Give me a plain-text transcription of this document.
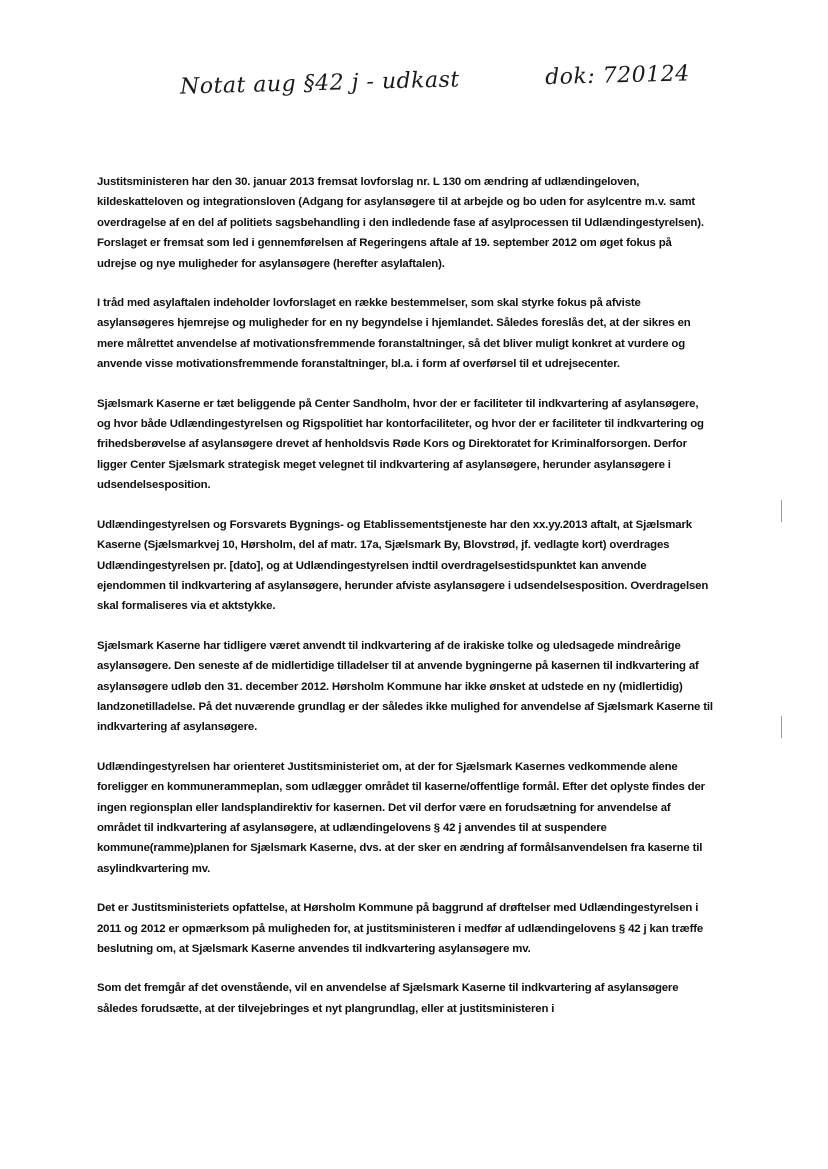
Notat aug §42 j - udkast	dok: 720124

Justitsministeren har den 30. januar 2013 fremsat lovforslag nr. L 130 om ændring af udlændingeloven, kildeskatteloven og integrationsloven (Adgang for asylansøgere til at arbejde og bo uden for asylcentre m.v. samt overdragelse af en del af politiets sagsbehandling i den indledende fase af asylprocessen til Udlændingestyrelsen). Forslaget er fremsat som led i gennemførelsen af Regeringens aftale af 19. september 2012 om øget fokus på udrejse og nye muligheder for asylansøgere (herefter asylaftalen).

I tråd med asylaftalen indeholder lovforslaget en række bestemmelser, som skal styrke fokus på afviste asylansøgeres hjemrejse og muligheder for en ny begyndelse i hjemlandet. Således foreslås det, at der sikres en mere målrettet anvendelse af motivationsfremmende foranstaltninger, så det bliver muligt konkret at vurdere og anvende visse motivationsfremmende foranstaltninger, bl.a. i form af overførsel til et udrejsecenter.

Sjælsmark Kaserne er tæt beliggende på Center Sandholm, hvor der er faciliteter til indkvartering af asylansøgere, og hvor både Udlændingestyrelsen og Rigspolitiet har kontorfaciliteter, og hvor der er faciliteter til indkvartering og frihedsberøvelse af asylansøgere drevet af henholdsvis Røde Kors og Direktoratet for Kriminalforsorgen. Derfor ligger Center Sjælsmark strategisk meget velegnet til indkvartering af asylansøgere, herunder asylansøgere i udsendelsesposition.

Udlændingestyrelsen og Forsvarets Bygnings- og Etablissementstjeneste har den xx.yy.2013 aftalt, at Sjælsmark Kaserne (Sjælsmarkvej 10, Hørsholm, del af matr. 17a, Sjælsmark By, Blovstrød, jf. vedlagte kort) overdrages Udlændingestyrelsen pr. [dato], og at Udlændingestyrelsen indtil overdragelsestidspunktet kan anvende ejendommen til indkvartering af asylansøgere, herunder afviste asylansøgere i udsendelsesposition. Overdragelsen skal formaliseres via et aktstykke.

Sjælsmark Kaserne har tidligere været anvendt til indkvartering af de irakiske tolke og uledsagede mindreårige asylansøgere. Den seneste af de midlertidige tilladelser til at anvende bygningerne på kasernen til indkvartering af asylansøgere udløb den 31. december 2012. Hørsholm Kommune har ikke ønsket at udstede en ny (midlertidig) landzonetilladelse. På det nuværende grundlag er der således ikke mulighed for anvendelse af Sjælsmark Kaserne til indkvartering af asylansøgere.

Udlændingestyrelsen har orienteret Justitsministeriet om, at der for Sjælsmark Kasernes vedkommende alene foreligger en kommunerammeplan, som udlægger området til kaserne/offentlige formål. Efter det oplyste findes der ingen regionsplan eller landsplandirektiv for kasernen. Det vil derfor være en forudsætning for anvendelse af området til indkvartering af asylansøgere, at udlændingelovens § 42 j anvendes til at suspendere kommune(ramme)planen for Sjælsmark Kaserne, dvs. at der sker en ændring af formålsanvendelsen fra kaserne til asylindkvartering mv.

Det er Justitsministeriets opfattelse, at Hørsholm Kommune på baggrund af drøftelser med Udlændingestyrelsen i 2011 og 2012 er opmærksom på muligheden for, at justitsministeren i medfør af udlændingelovens § 42 j kan træffe beslutning om, at Sjælsmark Kaserne anvendes til indkvartering asylansøgere mv.

Som det fremgår af det ovenstående, vil en anvendelse af Sjælsmark Kaserne til indkvartering af asylansøgere således forudsætte, at der tilvejebringes et nyt plangrundlag, eller at justitsministeren i
